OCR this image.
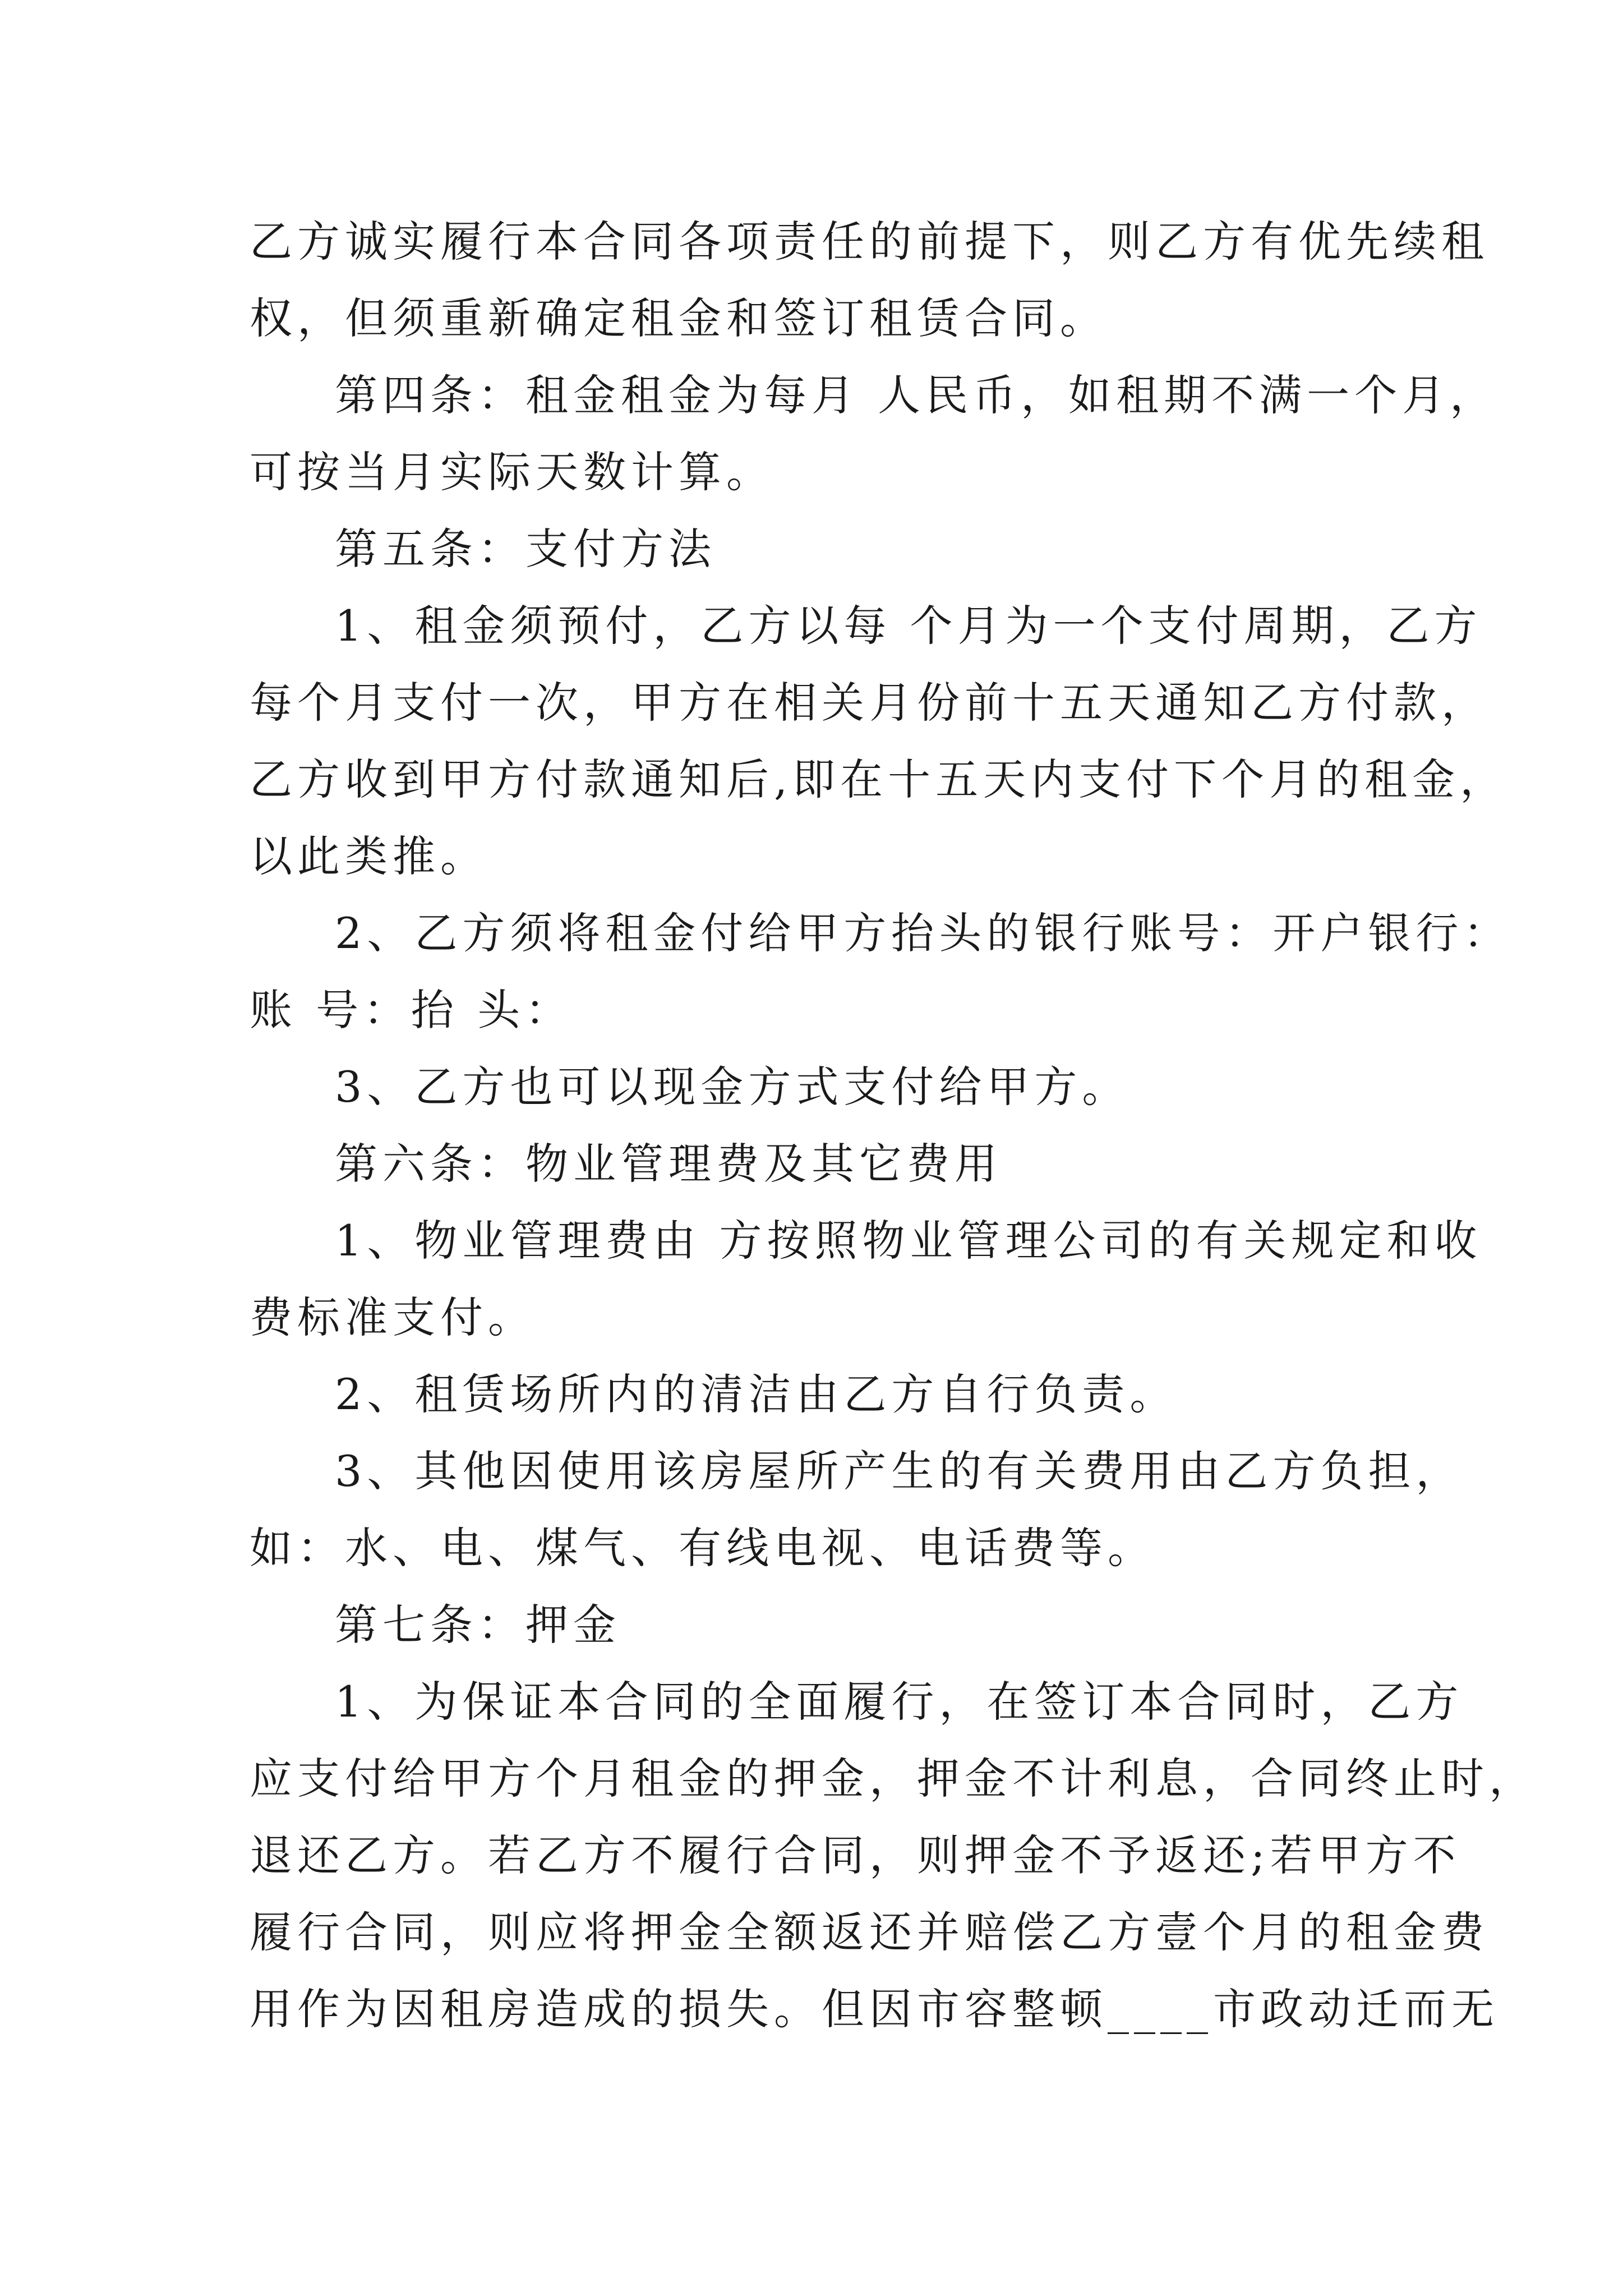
乙方诚实履行本合同各项责任的前提下，则乙方有优先续租
权，但须重新确定租金和签订租赁合同。
第四条：租金租金为每月 人民币，如租期不满一个月，
可按当月实际天数计算。
第五条：支付方法
1、租金须预付，乙方以每 个月为一个支付周期，乙方
每个月支付一次，甲方在相关月份前十五天通知乙方付款，
乙方收到甲方付款通知后,即在十五天内支付下个月的租金，
以此类推。
2、乙方须将租金付给甲方抬头的银行账号：开户银行：
账 号：抬 头：
3、乙方也可以现金方式支付给甲方。
第六条：物业管理费及其它费用
1、物业管理费由 方按照物业管理公司的有关规定和收
费标准支付。
2、租赁场所内的清洁由乙方自行负责。
3、其他因使用该房屋所产生的有关费用由乙方负担，
如：水、电、煤气、有线电视、电话费等。
第七条：押金
1、为保证本合同的全面履行，在签订本合同时，乙方
应支付给甲方个月租金的押金，押金不计利息，合同终止时，
退还乙方。若乙方不履行合同，则押金不予返还;若甲方不
履行合同，则应将押金全额返还并赔偿乙方壹个月的租金费
用作为因租房造成的损失。但因市容整顿____市政动迁而无
